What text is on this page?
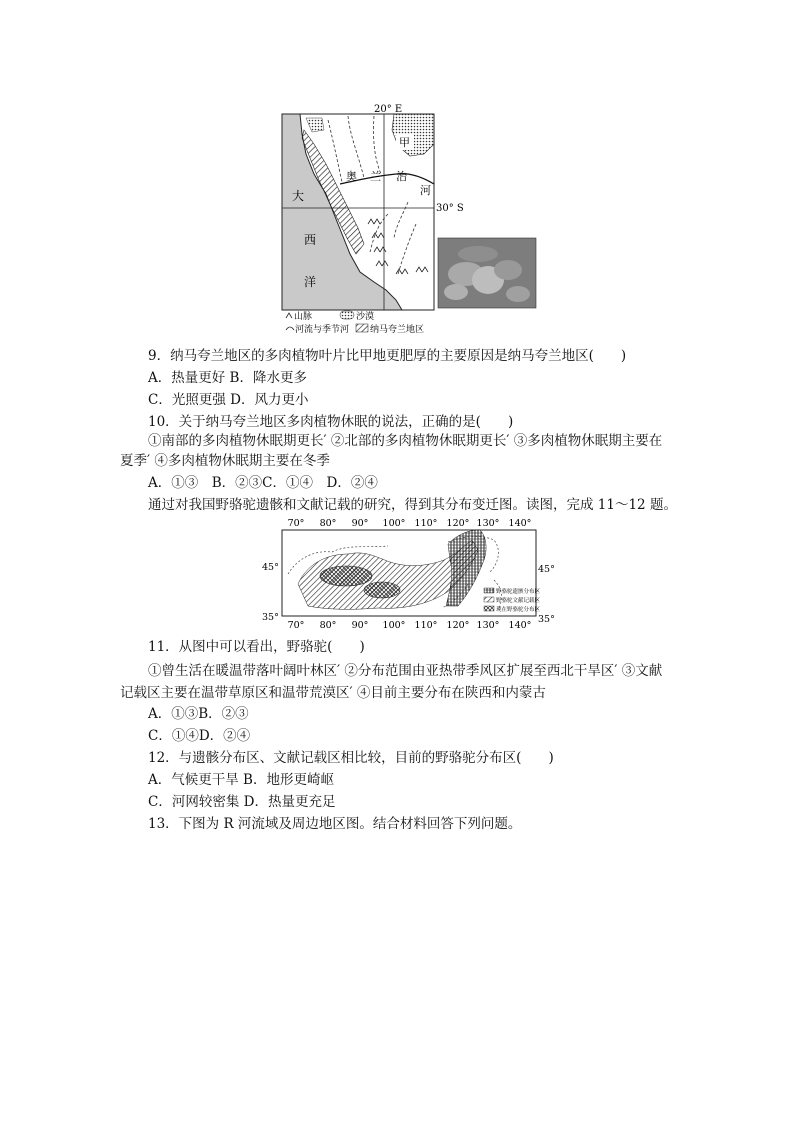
20° E
30° S
甲
奥 兰 治
河
大
西
洋
山脉	沙漠
河流与季节河 纳马夸兰地区
9．纳马夸兰地区的多肉植物叶片比甲地更肥厚的主要原因是纳马夸兰地区(　　)
A．热量更好 B．降水更多
C．光照更强 D．风力更小
10．关于纳马夸兰地区多肉植物休眠的说法，正确的是(　　)
①南部的多肉植物休眠期更长′ ②北部的多肉植物休眠期更长′ ③多肉植物休眠期主要在
夏季′ ④多肉植物休眠期主要在冬季
A．①③　B．②③C．①④　D．②④
通过对我国野骆驼遗骸和文献记载的研究，得到其分布变迁图。读图，完成 11～12 题。
70° 80° 90° 100° 110° 120° 130° 140°
70° 80° 90° 100° 110° 120° 130° 140°
45°
35°
45°
35°
野骆驼遗骸分布区
野骆驼文献记载区
现在野骆驼分布区
11．从图中可以看出，野骆驼(　　)
①曾生活在暖温带落叶阔叶林区′ ②分布范围由亚热带季风区扩展至西北干旱区′ ③文献
记载区主要在温带草原区和温带荒漠区′ ④目前主要分布在陕西和内蒙古
A．①③B．②③
C．①④D．②④
12．与遗骸分布区、文献记载区相比较，目前的野骆驼分布区(　　)
A．气候更干旱 B．地形更崎岖
C．河网较密集 D．热量更充足
13．下图为 R 河流域及周边地区图。结合材料回答下列问题。
